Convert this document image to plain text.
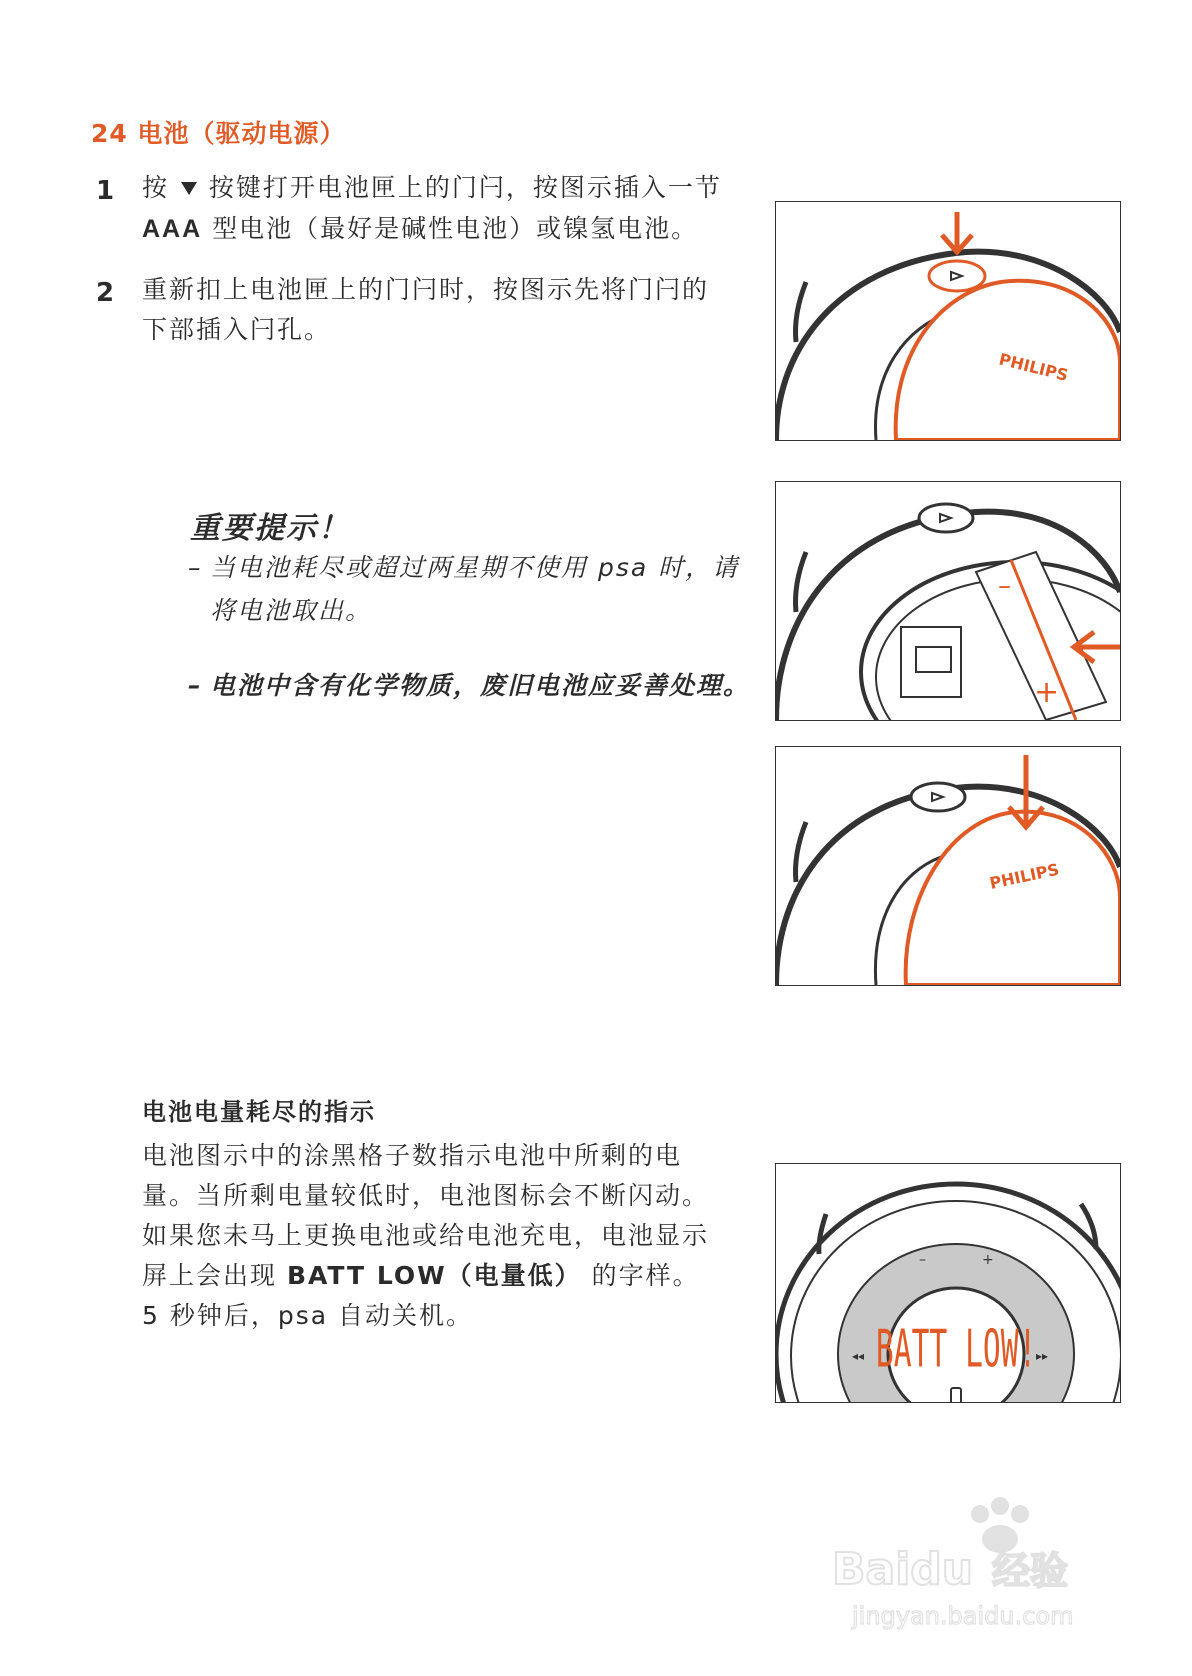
24 电池（驱动电源）
1 按 按键打开电池匣上的门闩，按图示插入一节
AAA 型电池（最好是碱性电池）或镍氢电池。
2 重新扣上电池匣上的门闩时，按图示先将门闩的下部插入闩孔。
重要提示！
– 当电池耗尽或超过两星期不使用 psa 时，请将电池取出。
– 电池中含有化学物质，废旧电池应妥善处理。
电池电量耗尽的指示
电池图示中的涂黑格子数指示电池中所剩的电量。当所剩电量较低时，电池图标会不断闪动。如果您未马上更换电池或给电池充电，电池显示屏上会出现 BATT LOW（电量低） 的字样。5 秒钟后，psa 自动关机。
PHILIPS
–
+
PHILIPS
–	+
◂◂	▸▸
BATT LOW!
Baidu 经验
jingyan.baidu.com
